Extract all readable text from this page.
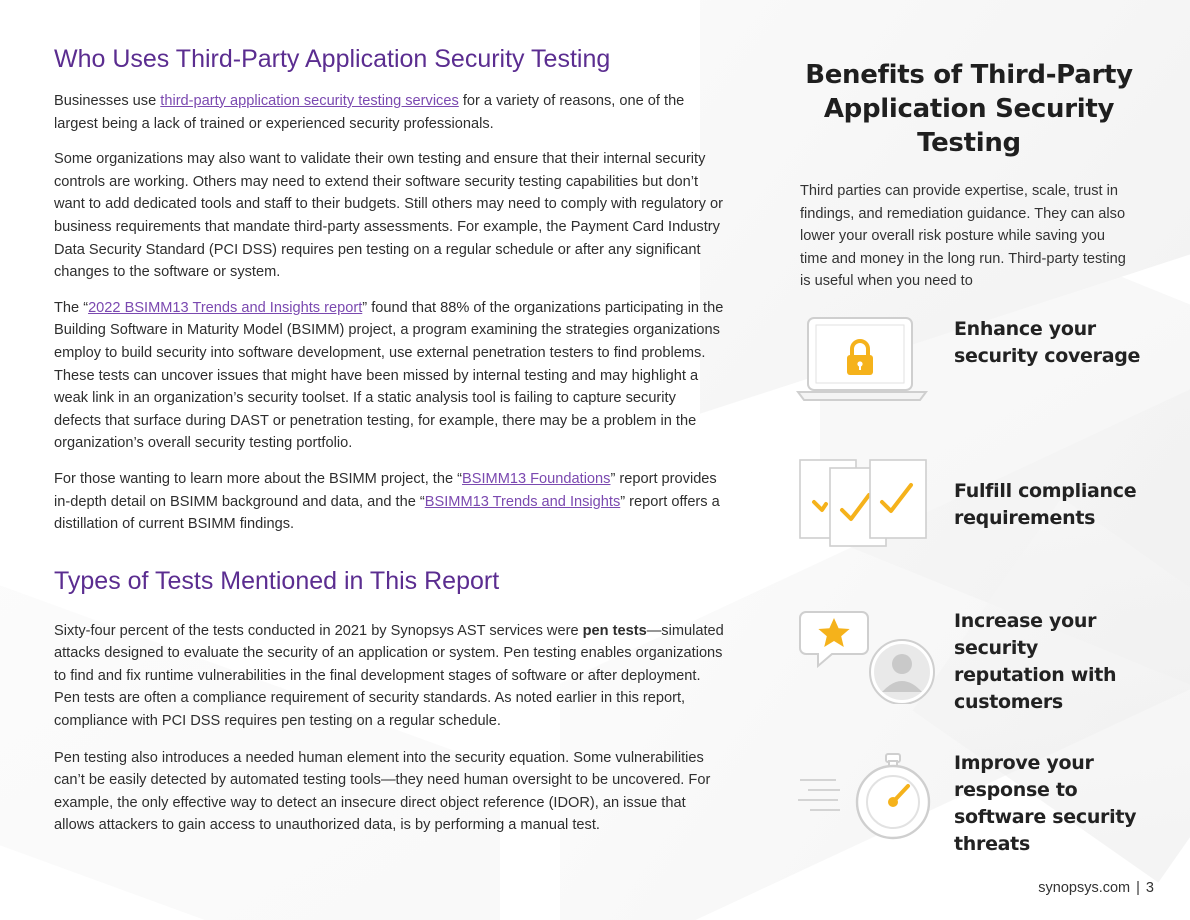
Who Uses Third-Party Application Security Testing

Businesses use third-party application security testing services for a variety of reasons, one of the largest being a lack of trained or experienced security professionals.

Some organizations may also want to validate their own testing and ensure that their internal security controls are working. Others may need to extend their software security testing capabilities but don’t want to add dedicated tools and staff to their budgets. Still others may need to comply with regulatory or business requirements that mandate third-party assessments. For example, the Payment Card Industry Data Security Standard (PCI DSS) requires pen testing on a regular schedule or after any significant changes to the software or system.

The “2022 BSIMM13 Trends and Insights report” found that 88% of the organizations participating in the Building Software in Maturity Model (BSIMM) project, a program examining the strategies organizations employ to build security into software development, use external penetration testers to find problems. These tests can uncover issues that might have been missed by internal testing and may highlight a weak link in an organization’s security toolset. If a static analysis tool is failing to capture security defects that surface during DAST or penetration testing, for example, there may be a problem in the organization’s overall security testing portfolio.

For those wanting to learn more about the BSIMM project, the “BSIMM13 Foundations” report provides in-depth detail on BSIMM background and data, and the “BSIMM13 Trends and Insights” report offers a distillation of current BSIMM findings.

Types of Tests Mentioned in This Report

Sixty-four percent of the tests conducted in 2021 by Synopsys AST services were pen tests—simulated attacks designed to evaluate the security of an application or system. Pen testing enables organizations to find and fix runtime vulnerabilities in the final development stages of software or after deployment. Pen tests are often a compliance requirement of security standards. As noted earlier in this report, compliance with PCI DSS requires pen testing on a regular schedule.

Pen testing also introduces a needed human element into the security equation. Some vulnerabilities can’t be easily detected by automated testing tools—they need human oversight to be uncovered. For example, the only effective way to detect an insecure direct object reference (IDOR), an issue that allows attackers to gain access to unauthorized data, is by performing a manual test.

Benefits of Third-Party Application Security Testing

Third parties can provide expertise, scale, trust in findings, and remediation guidance. They can also lower your overall risk posture while saving you time and money in the long run. Third-party testing is useful when you need to

Enhance your security coverage
Fulfill compliance requirements
Increase your security reputation with customers
Improve your response to software security threats
synopsys.com | 3
